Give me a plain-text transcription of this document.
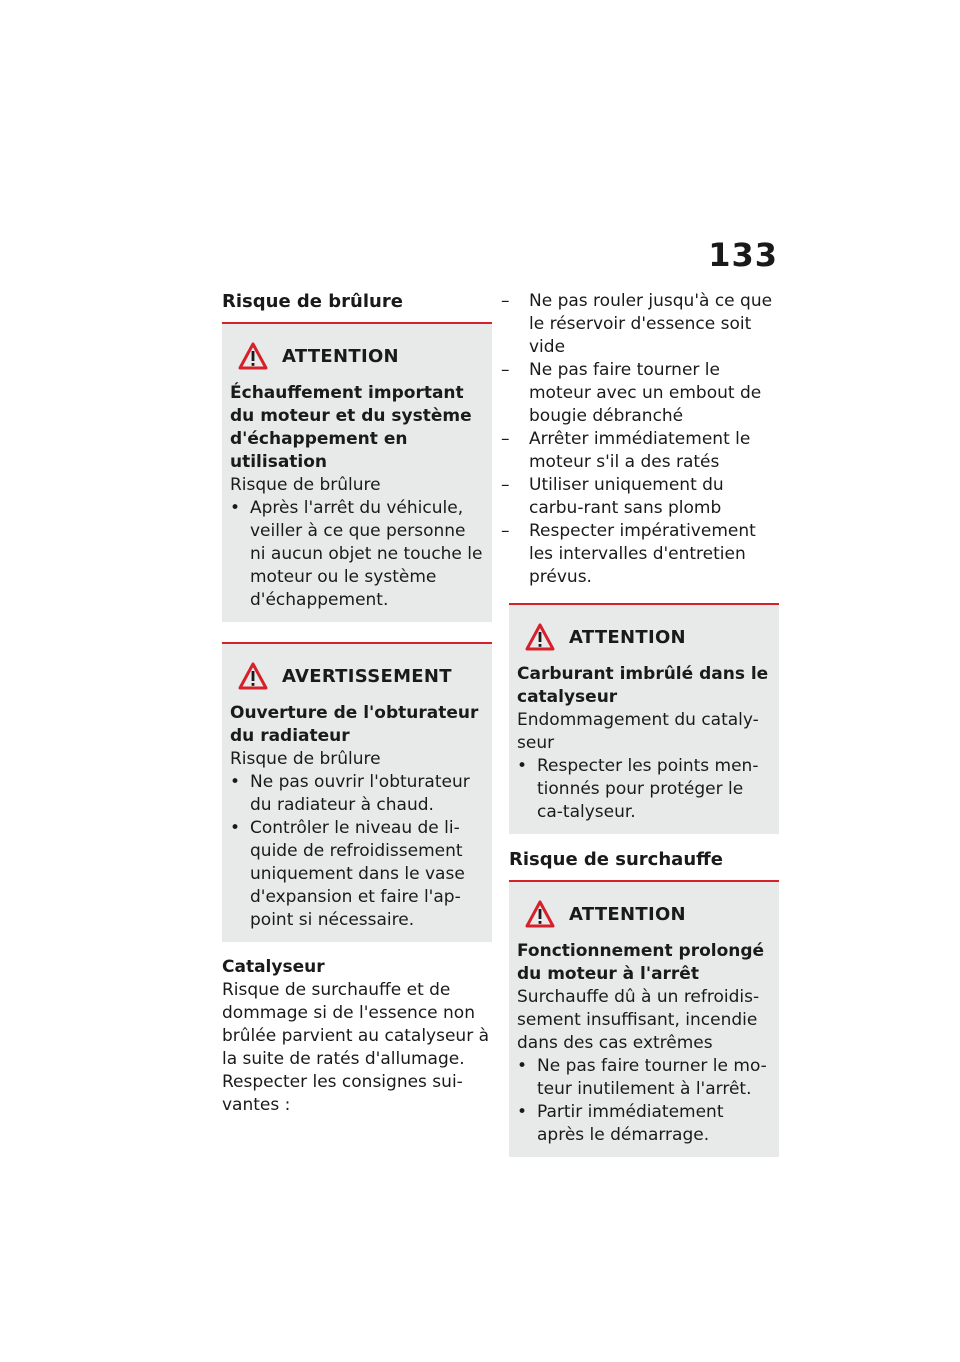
133
Risque de brûlure
ATTENTION
Échauffement important du moteur et du système d'échappement en utilisation
Risque de brûlure
• Après l'arrêt du véhicule, veiller à ce que personne ni aucun objet ne touche le moteur ou le système d'échappement.
AVERTISSEMENT
Ouverture de l'obturateur du radiateur
Risque de brûlure
• Ne pas ouvrir l'obturateur du radiateur à chaud.
• Contrôler le niveau de li-quide de refroidissement uniquement dans le vase d'expansion et faire l'ap-point si nécessaire.
Catalyseur
Risque de surchauffe et de dommage si de l'essence non brûlée parvient au catalyseur à la suite de ratés d'allumage. Respecter les consignes sui-vantes :
– Ne pas rouler jusqu'à ce que le réservoir d'essence soit vide
– Ne pas faire tourner le moteur avec un embout de bougie débranché
– Arrêter immédiatement le moteur s'il a des ratés
– Utiliser uniquement du carbu-rant sans plomb
– Respecter impérativement les intervalles d'entretien prévus.
ATTENTION
Carburant imbrûlé dans le catalyseur
Endommagement du cataly-seur
• Respecter les points men-tionnés pour protéger le ca-talyseur.
Risque de surchauffe
ATTENTION
Fonctionnement prolongé du moteur à l'arrêt
Surchauffe dû à un refroidis-sement insuffisant, incendie dans des cas extrêmes
• Ne pas faire tourner le mo-teur inutilement à l'arrêt.
• Partir immédiatement après le démarrage.
